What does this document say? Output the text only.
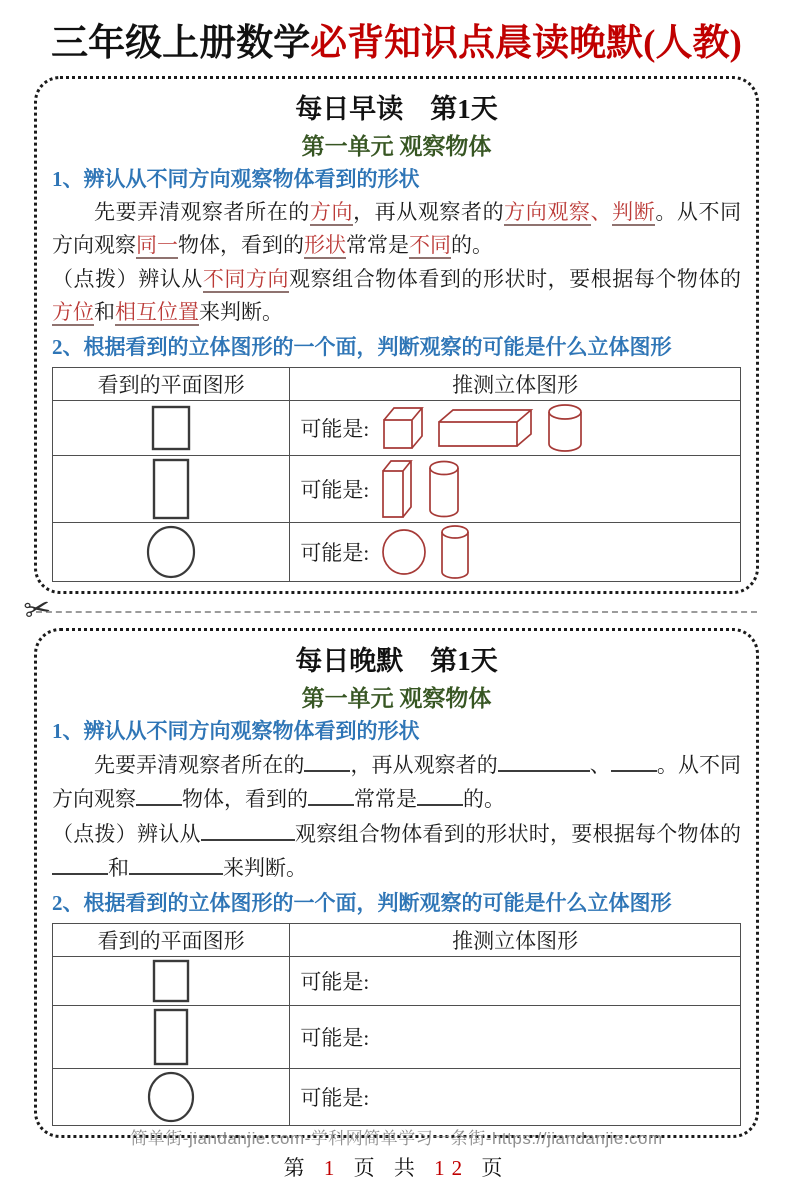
三年级上册数学必背知识点晨读晚默(人教)
每日早读　第1天
第一单元 观察物体

1、辨认从不同方向观察物体看到的形状

先要弄清观察者所在的方向，再从观察者的方向观察、判断。从不同方向观察同一物体，看到的形状常常是不同的。

（点拨）辨认从不同方向观察组合物体看到的形状时，要根据每个物体的方位和相互位置来判断。

2、根据看到的立体图形的一个面，判断观察的可能是什么立体图形

看到的平面图形	推测立体图形

可能是:

可能是:

可能是:
✂
每日晚默　第1天
第一单元 观察物体

1、辨认从不同方向观察物体看到的形状

先要弄清观察者所在的 ，再从观察者的	、 。从不同方向观察 物体，看到的 常常是 的。

（点拨）辨认从	观察组合物体看到的形状时，要根据每个物体的和	来判断。

2、根据看到的立体图形的一个面，判断观察的可能是什么立体图形

看到的平面图形	推测立体图形

可能是:

可能是:

可能是:
简单街-jiandanjie.com-学科网简单学习一条街-https://jiandanjie.com
第 1 页 共 12 页
